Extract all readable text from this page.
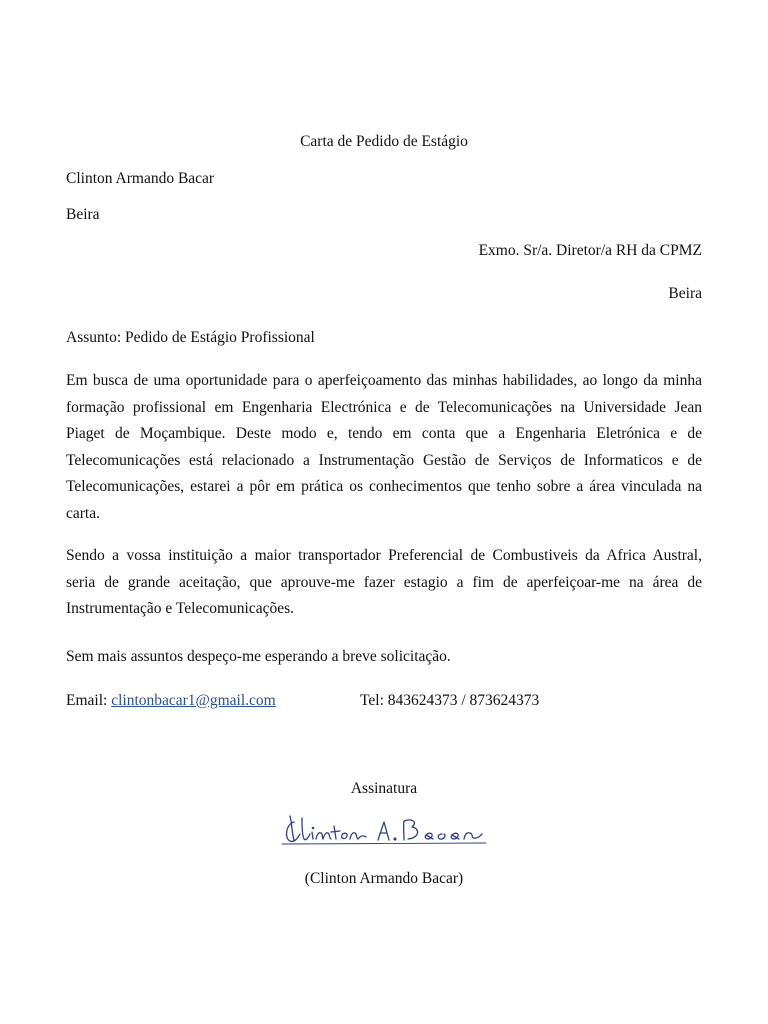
Carta de Pedido de Estágio
Clinton Armando Bacar
Beira
Exmo. Sr/a. Diretor/a RH da CPMZ
Beira
Assunto: Pedido de Estágio Profissional
Em busca de uma oportunidade para o aperfeiçoamento das minhas habilidades, ao longo da minha
formação profissional em Engenharia Electrónica e de Telecomunicações na Universidade Jean
Piaget de Moçambique. Deste modo e, tendo em conta que a Engenharia Eletrónica e de
Telecomunicações está relacionado a Instrumentação Gestão de Serviços de Informaticos e de
Telecomunicações, estarei a pôr em prática os conhecimentos que tenho sobre a área vinculada na
carta.
Sendo a vossa instituição a maior transportador Preferencial de Combustiveis da Africa Austral,
seria de grande aceitação, que aprouve-me fazer estagio a fim de aperfeiçoar-me na área de
Instrumentação e Telecomunicações.
Sem mais assuntos despeço-me esperando a breve solicitação.
Email: clintonbacar1@gmail.com	Tel: 843624373 / 873624373
Assinatura
(Clinton Armando Bacar)
